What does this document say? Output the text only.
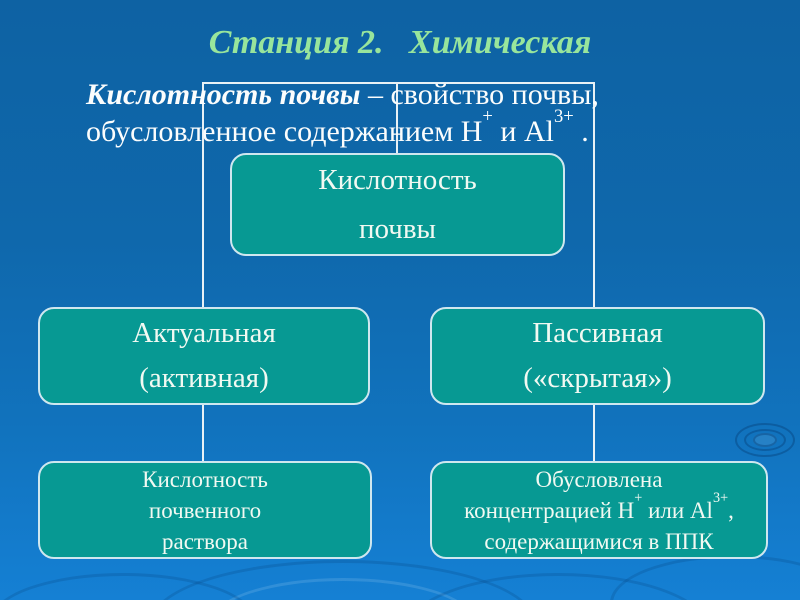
Станция 2.   Химическая
Кислотность почвы – свойство почвы,
обусловленное содержанием Н+ и $Al^{3+}$ .
Кислотность
почвы
Актуальная
(активная)
Пассивная
(«скрытая»)
Кислотность
почвенного
раствора
Обусловлена
концентрацией Н+ или $Al^{3+}$,
содержащимися в ППК
